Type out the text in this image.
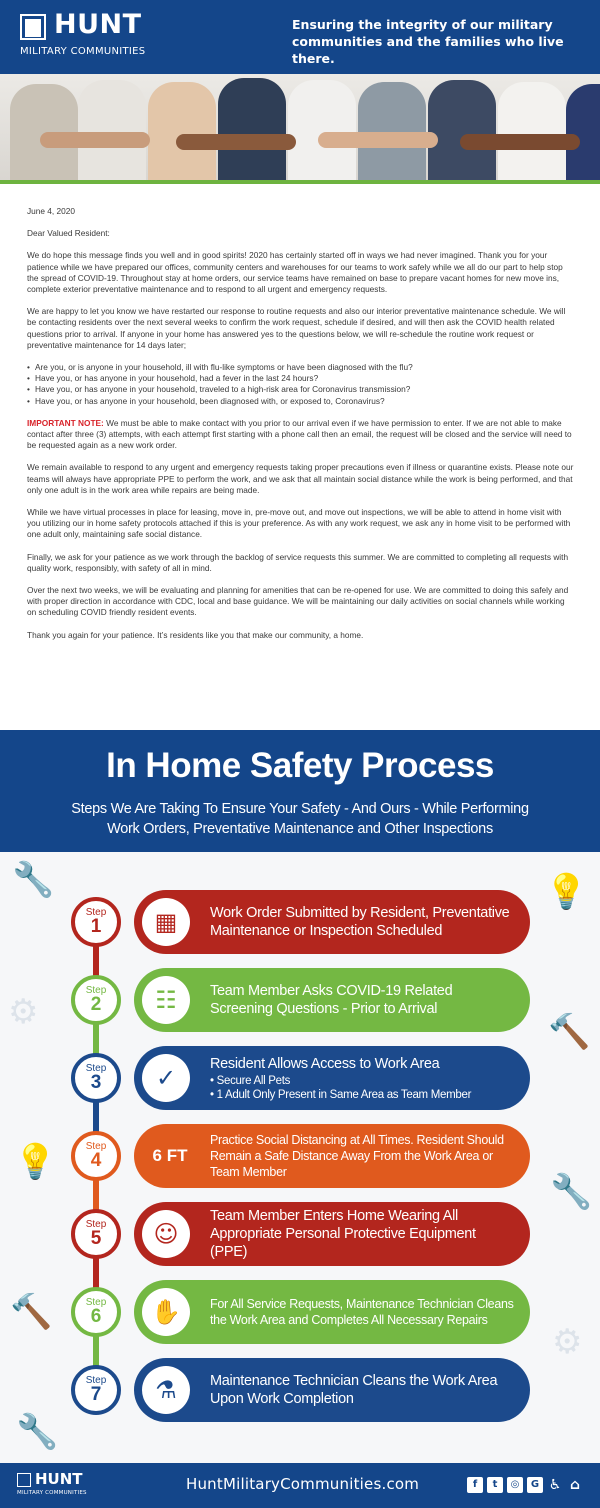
HUNT
MILITARY COMMUNITIES
Ensuring the integrity of our military communities and the families who live there.

June 4, 2020

Dear Valued Resident:

We do hope this message finds you well and in good spirits! 2020 has certainly started off in ways we had never imagined. Thank you for your patience while we have prepared our offices, community centers and warehouses for our teams to work safely while we all do our part to help stop the spread of COVID-19. Throughout stay at home orders, our service teams have remained on base to prepare vacant homes for new move ins, complete exterior preventative maintenance and to respond to all urgent and emergency requests.

We are happy to let you know we have restarted our response to routine requests and also our interior preventative maintenance schedule. We will be contacting residents over the next several weeks to confirm the work request, schedule if desired, and will then ask the COVID health related questions prior to arrival. If anyone in your home has answered yes to the questions below, we will re-schedule the routine work request or preventative maintenance for 14 days later;

• Are you, or is anyone in your household, ill with flu-like symptoms or have been diagnosed with the flu?
• Have you, or has anyone in your household, had a fever in the last 24 hours?
• Have you, or has anyone in your household, traveled to a high-risk area for Coronavirus transmission?
• Have you, or has anyone in your household, been diagnosed with, or exposed to, Coronavirus?

IMPORTANT NOTE: We must be able to make contact with you prior to our arrival even if we have permission to enter. If we are not able to make contact after three (3) attempts, with each attempt first starting with a phone call then an email, the request will be closed and the service will need to be requested again as a new work order.

We remain available to respond to any urgent and emergency requests taking proper precautions even if illness or quarantine exists. Please note our teams will always have appropriate PPE to perform the work, and we ask that all maintain social distance while the work is being performed, and that only one adult is in the work area while repairs are being made.

While we have virtual processes in place for leasing, move in, pre-move out, and move out inspections, we will be able to attend in home visit with you utilizing our in home safety protocols attached if this is your preference. As with any work request, we ask any in home visit to be performed with one adult only, maintaining safe social distance.

Finally, we ask for your patience as we work through the backlog of service requests this summer. We are committed to completing all requests with quality work, responsibly, with safety of all in mind.

Over the next two weeks, we will be evaluating and planning for amenities that can be re-opened for use. We are committed to doing this safely and with proper direction in accordance with CDC, local and base guidance. We will be maintaining our daily activities on social channels while working on scheduling COVID friendly resident events.

Thank you again for your patience. It’s residents like you that make our community, a home.

In Home Safety Process
Steps We Are Taking To Ensure Your Safety - And Ours - While Performing Work Orders, Preventative Maintenance and Other Inspections
🔧	💡
⚙	🔨
💡
🔧
🔨
⚙
🔧
Step
1	▦	Work Order Submitted by Resident, Preventative Maintenance or Inspection Scheduled
Step
2	☷	Team Member Asks COVID-19 Related Screening Questions - Prior to Arrival
Step
3	✓
Resident Allows Access to Work Area
• Secure All Pets
• 1 Adult Only Present in Same Area as Team Member
Step
4	6 FT
Practice Social Distancing at All Times. Resident Should Remain a Safe Distance Away From the Work Area or Team Member
Step
5	☺
Team Member Enters Home Wearing All Appropriate Personal Protective Equipment (PPE)
Step
6	✋	For All Service Requests, Maintenance Technician Cleans the Work Area and Completes All Necessary Repairs
Step
7	⚗	Maintenance Technician Cleans the Work Area Upon Work Completion
HUNT
MILITARY COMMUNITIES	HuntMilitaryCommunities.com	f	t	◎	G ♿ ⌂
